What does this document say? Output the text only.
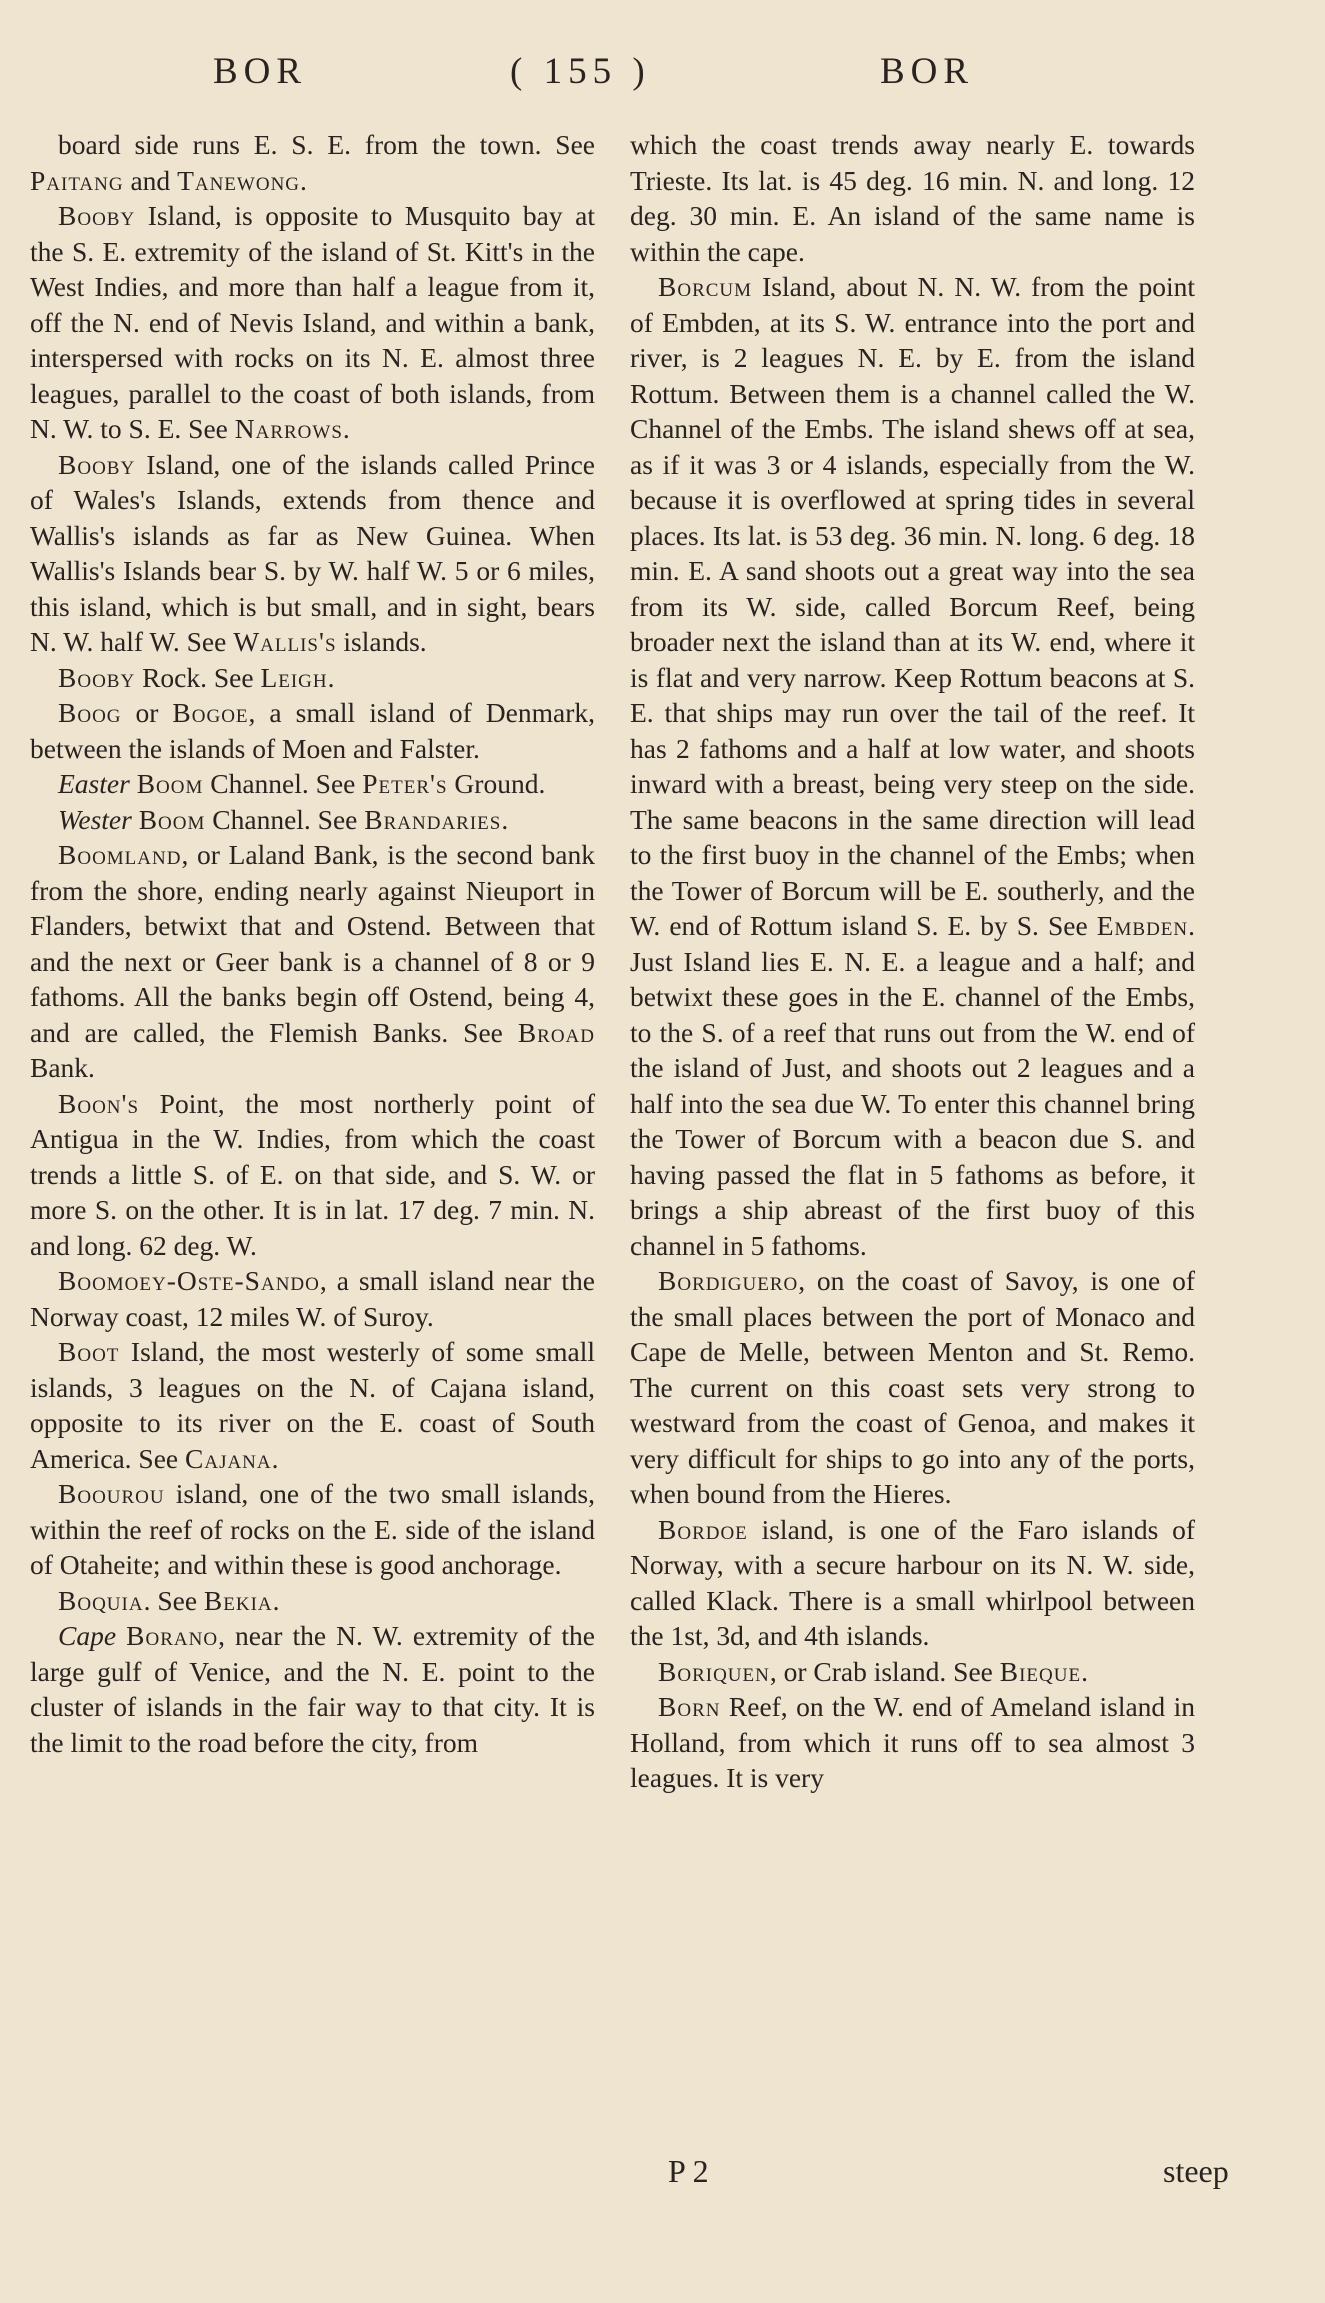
BOR	( 155 )	BOR

board side runs E. S. E. from the town. See Paitang and Tanewong.

Booby Island, is opposite to Musquito bay at the S. E. extremity of the island of St. Kitt's in the West Indies, and more than half a league from it, off the N. end of Nevis Island, and within a bank, interspersed with rocks on its N. E. almost three leagues, parallel to the coast of both islands, from N. W. to S. E. See Narrows.

Booby Island, one of the islands called Prince of Wales's Islands, extends from thence and Wallis's islands as far as New Guinea. When Wallis's Islands bear S. by W. half W. 5 or 6 miles, this island, which is but small, and in sight, bears N. W. half W. See Wallis's islands.

Booby Rock. See Leigh.

Boog or Bogoe, a small island of Denmark, between the islands of Moen and Falster.

Easter Boom Channel. See Peter's Ground.

Wester Boom Channel. See Brandaries.

Boomland, or Laland Bank, is the second bank from the shore, ending nearly against Nieuport in Flanders, betwixt that and Ostend. Between that and the next or Geer bank is a channel of 8 or 9 fathoms. All the banks begin off Ostend, being 4, and are called, the Flemish Banks. See Broad Bank.

Boon's Point, the most northerly point of Antigua in the W. Indies, from which the coast trends a little S. of E. on that side, and S. W. or more S. on the other. It is in lat. 17 deg. 7 min. N. and long. 62 deg. W.

Boomoey-Oste-Sando, a small island near the Norway coast, 12 miles W. of Suroy.

Boot Island, the most westerly of some small islands, 3 leagues on the N. of Cajana island, opposite to its river on the E. coast of South America. See Cajana.

Boourou island, one of the two small islands, within the reef of rocks on the E. side of the island of Otaheite; and within these is good anchorage.

Boquia. See Bekia.

Cape Borano, near the N. W. extremity of the large gulf of Venice, and the N. E. point to the cluster of islands in the fair way to that city. It is the limit to the road before the city, from

which the coast trends away nearly E. towards Trieste. Its lat. is 45 deg. 16 min. N. and long. 12 deg. 30 min. E. An island of the same name is within the cape.

Borcum Island, about N. N. W. from the point of Embden, at its S. W. entrance into the port and river, is 2 leagues N. E. by E. from the island Rottum. Between them is a channel called the W. Channel of the Embs. The island shews off at sea, as if it was 3 or 4 islands, especially from the W. because it is overflowed at spring tides in several places. Its lat. is 53 deg. 36 min. N. long. 6 deg. 18 min. E. A sand shoots out a great way into the sea from its W. side, called Borcum Reef, being broader next the island than at its W. end, where it is flat and very narrow. Keep Rottum beacons at S. E. that ships may run over the tail of the reef. It has 2 fathoms and a half at low water, and shoots inward with a breast, being very steep on the side. The same beacons in the same direction will lead to the first buoy in the channel of the Embs; when the Tower of Borcum will be E. southerly, and the W. end of Rottum island S. E. by S. See Embden. Just Island lies E. N. E. a league and a half; and betwixt these goes in the E. channel of the Embs, to the S. of a reef that runs out from the W. end of the island of Just, and shoots out 2 leagues and a half into the sea due W. To enter this channel bring the Tower of Borcum with a beacon due S. and having passed the flat in 5 fathoms as before, it brings a ship abreast of the first buoy of this channel in 5 fathoms.

Bordiguero, on the coast of Savoy, is one of the small places between the port of Monaco and Cape de Melle, between Menton and St. Remo. The current on this coast sets very strong to westward from the coast of Genoa, and makes it very difficult for ships to go into any of the ports, when bound from the Hieres.

Bordoe island, is one of the Faro islands of Norway, with a secure harbour on its N. W. side, called Klack. There is a small whirlpool between the 1st, 3d, and 4th islands.

Boriquen, or Crab island. See Bieque.

Born Reef, on the W. end of Ameland island in Holland, from which it runs off to sea almost 3 leagues. It is very

P 2	steep
